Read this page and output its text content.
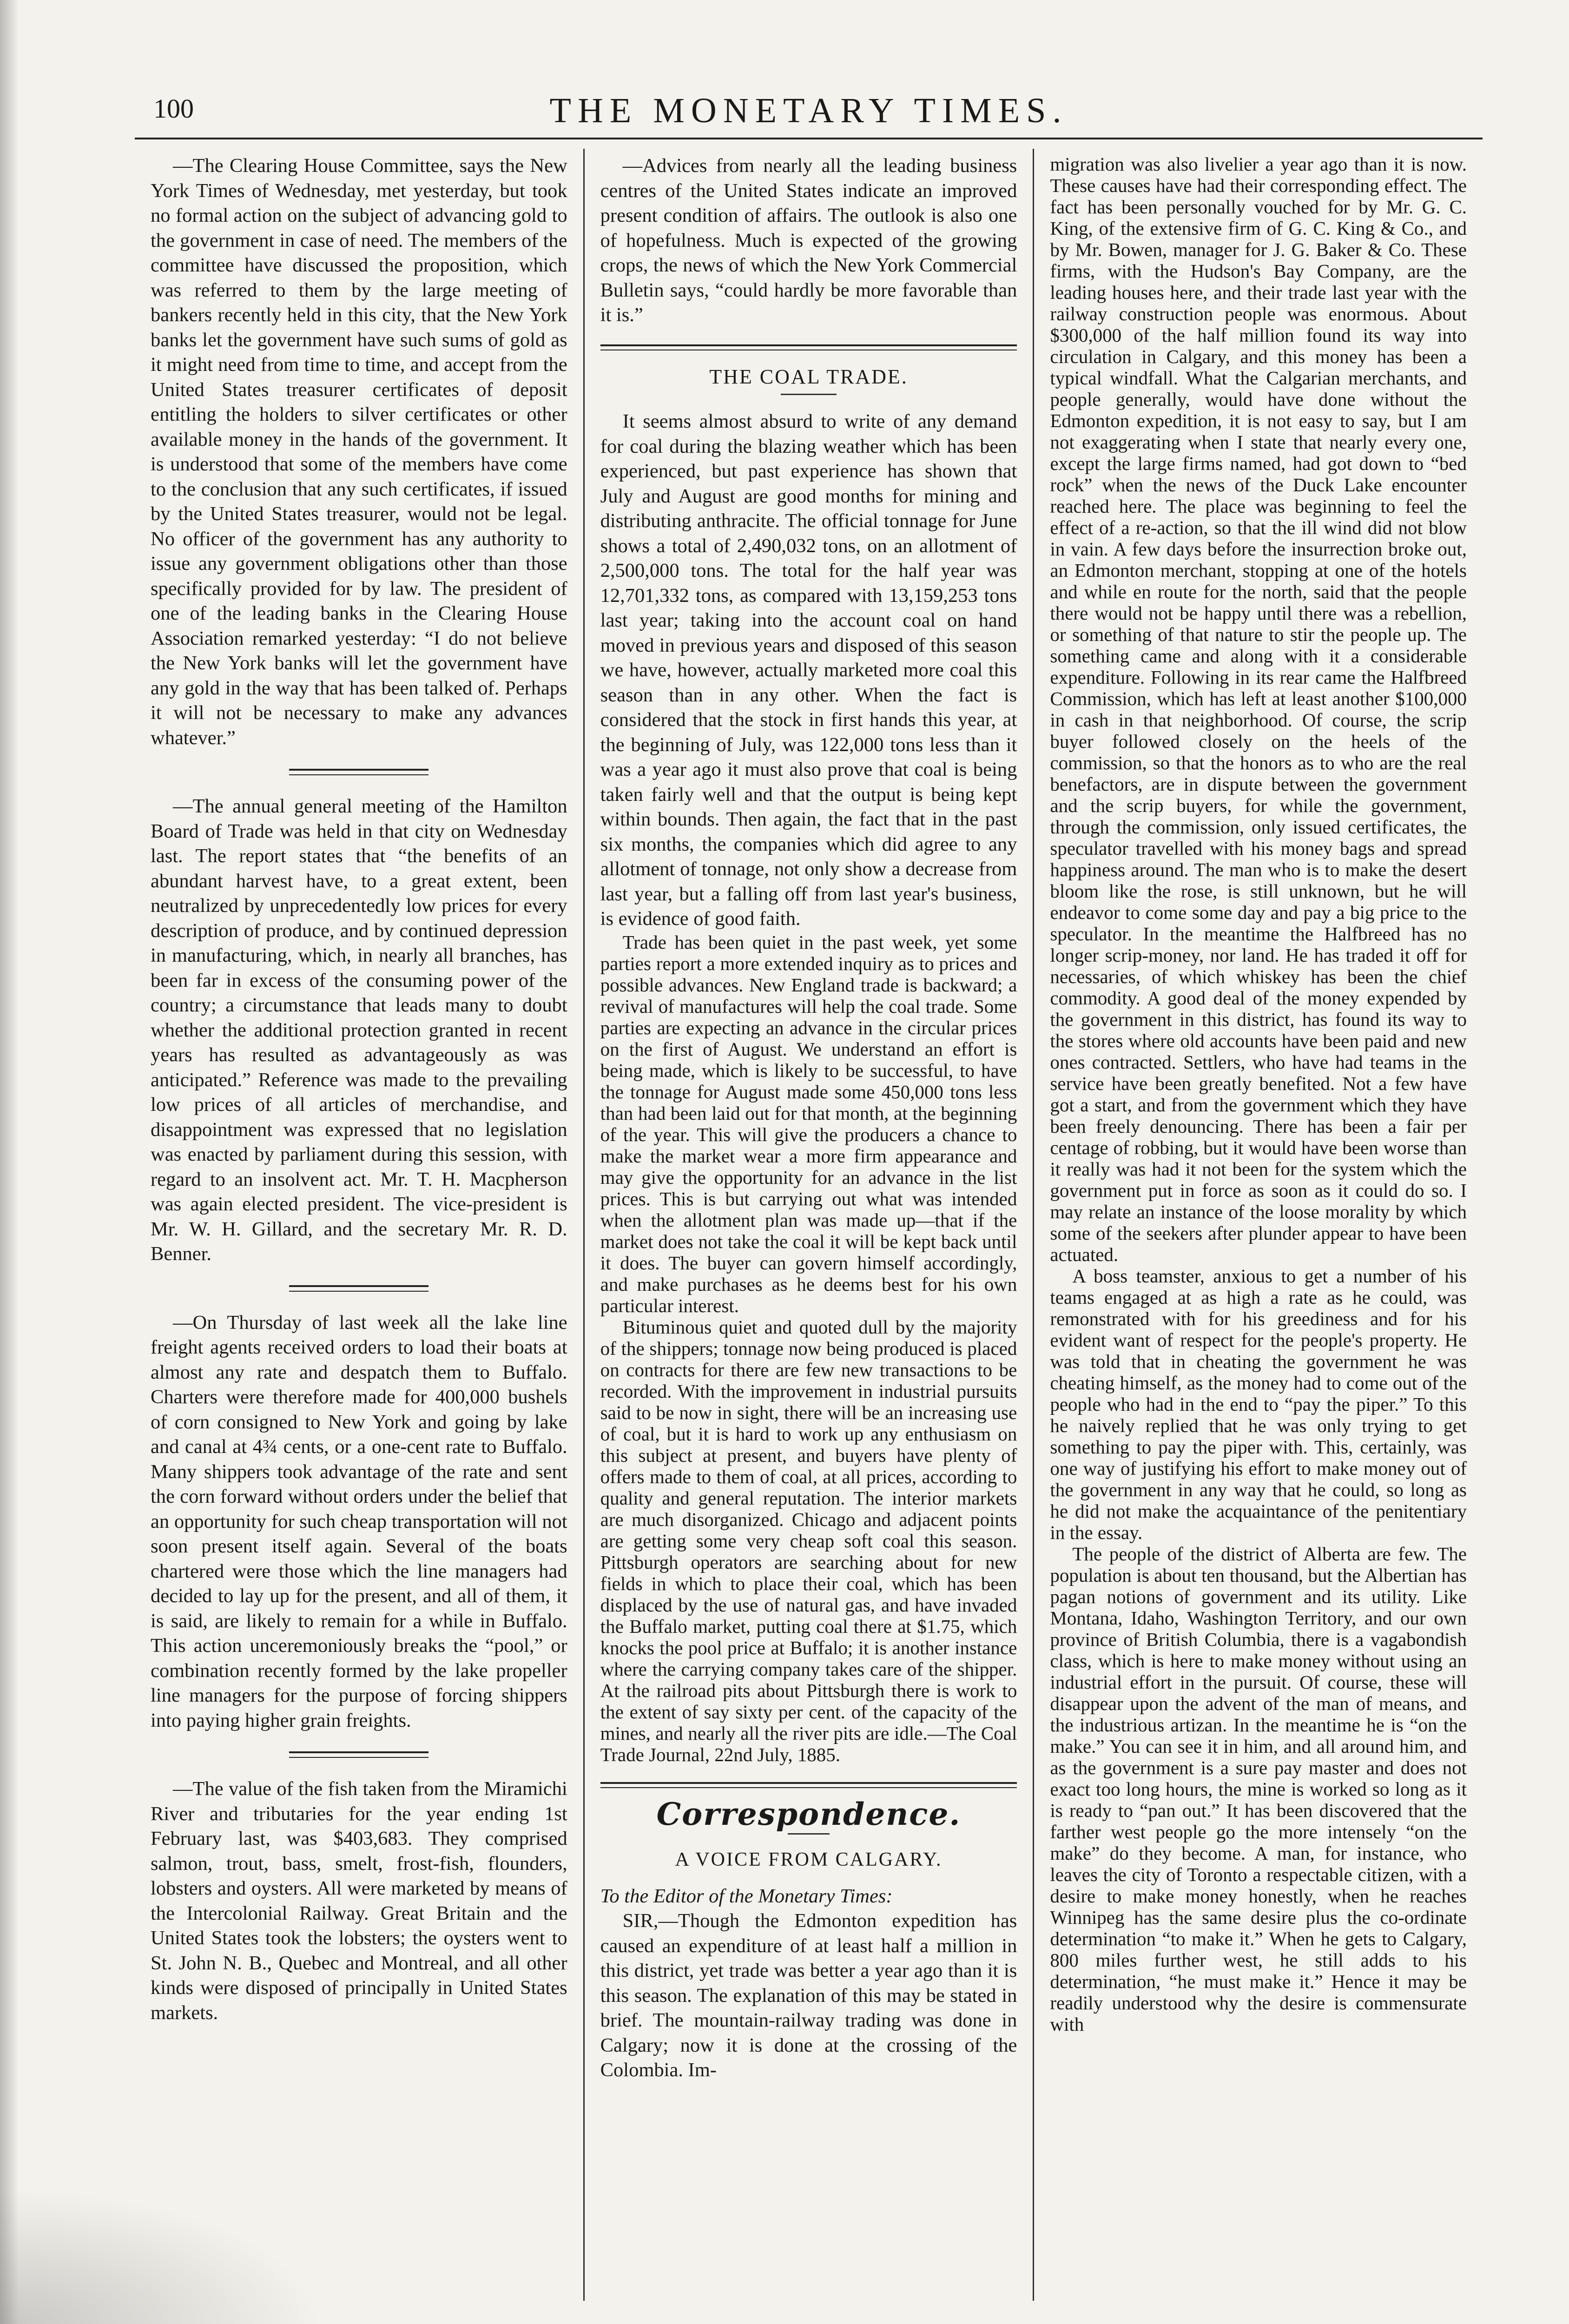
100	THE MONETARY TIMES.

—The Clearing House Committee, says the New York Times of Wednesday, met yesterday, but took no formal action on the subject of advancing gold to the government in case of need. The members of the committee have discussed the proposition, which was referred to them by the large meeting of bankers recently held in this city, that the New York banks let the government have such sums of gold as it might need from time to time, and accept from the United States treasurer certificates of deposit entitling the holders to silver certificates or other available money in the hands of the government. It is understood that some of the members have come to the conclusion that any such certificates, if issued by the United States treasurer, would not be legal. No officer of the government has any authority to issue any government obligations other than those specifically provided for by law. The president of one of the leading banks in the Clearing House Association remarked yesterday: “I do not believe the New York banks will let the government have any gold in the way that has been talked of. Perhaps it will not be necessary to make any advances whatever.”

—The annual general meeting of the Hamilton Board of Trade was held in that city on Wednesday last. The report states that “the benefits of an abundant harvest have, to a great extent, been neutralized by unprecedentedly low prices for every description of produce, and by continued depression in manufacturing, which, in nearly all branches, has been far in excess of the consuming power of the country; a circumstance that leads many to doubt whether the additional protection granted in recent years has resulted as advantageously as was anticipated.” Reference was made to the prevailing low prices of all articles of merchandise, and disappointment was expressed that no legislation was enacted by parliament during this session, with regard to an insolvent act. Mr. T. H. Macpherson was again elected president. The vice-president is Mr. W. H. Gillard, and the secretary Mr. R. D. Benner.

—On Thursday of last week all the lake line freight agents received orders to load their boats at almost any rate and despatch them to Buffalo. Charters were therefore made for 400,000 bushels of corn consigned to New York and going by lake and canal at 4¾ cents, or a one-cent rate to Buffalo. Many shippers took advantage of the rate and sent the corn forward without orders under the belief that an opportunity for such cheap transportation will not soon present itself again. Several of the boats chartered were those which the line managers had decided to lay up for the present, and all of them, it is said, are likely to remain for a while in Buffalo. This action unceremoniously breaks the “pool,” or combination recently formed by the lake propeller line managers for the purpose of forcing shippers into paying higher grain freights.

—The value of the fish taken from the Miramichi River and tributaries for the year ending 1st February last, was $403,683. They comprised salmon, trout, bass, smelt, frost-fish, flounders, lobsters and oysters. All were marketed by means of the Intercolonial Railway. Great Britain and the United States took the lobsters; the oysters went to St. John N. B., Quebec and Montreal, and all other kinds were disposed of principally in United States markets.

—Advices from nearly all the leading business centres of the United States indicate an improved present condition of affairs. The outlook is also one of hopefulness. Much is expected of the growing crops, the news of which the New York Commercial Bulletin says, “could hardly be more favorable than it is.”

THE COAL TRADE.

It seems almost absurd to write of any demand for coal during the blazing weather which has been experienced, but past experience has shown that July and August are good months for mining and distributing anthracite. The official tonnage for June shows a total of 2,490,032 tons, on an allotment of 2,500,000 tons. The total for the half year was 12,701,332 tons, as compared with 13,159,253 tons last year; taking into the account coal on hand moved in previous years and disposed of this season we have, however, actually marketed more coal this season than in any other. When the fact is considered that the stock in first hands this year, at the beginning of July, was 122,000 tons less than it was a year ago it must also prove that coal is being taken fairly well and that the output is being kept within bounds. Then again, the fact that in the past six months, the companies which did agree to any allotment of tonnage, not only show a decrease from last year, but a falling off from last year's business, is evidence of good faith.

Trade has been quiet in the past week, yet some parties report a more extended inquiry as to prices and possible advances. New England trade is backward; a revival of manufactures will help the coal trade. Some parties are expecting an advance in the circular prices on the first of August. We understand an effort is being made, which is likely to be successful, to have the tonnage for August made some 450,000 tons less than had been laid out for that month, at the beginning of the year. This will give the producers a chance to make the market wear a more firm appearance and may give the opportunity for an advance in the list prices. This is but carrying out what was intended when the allotment plan was made up—that if the market does not take the coal it will be kept back until it does. The buyer can govern himself accordingly, and make purchases as he deems best for his own particular interest.

Bituminous quiet and quoted dull by the majority of the shippers; tonnage now being produced is placed on contracts for there are few new transactions to be recorded. With the improvement in industrial pursuits said to be now in sight, there will be an increasing use of coal, but it is hard to work up any enthusiasm on this subject at present, and buyers have plenty of offers made to them of coal, at all prices, according to quality and general reputation. The interior markets are much disorganized. Chicago and adjacent points are getting some very cheap soft coal this season. Pittsburgh operators are searching about for new fields in which to place their coal, which has been displaced by the use of natural gas, and have invaded the Buffalo market, putting coal there at $1.75, which knocks the pool price at Buffalo; it is another instance where the carrying company takes care of the shipper. At the railroad pits about Pittsburgh there is work to the extent of say sixty per cent. of the capacity of the mines, and nearly all the river pits are idle.—The Coal Trade Journal, 22nd July, 1885.

Correspondence.
A VOICE FROM CALGARY.

To the Editor of the Monetary Times:

SIR,—Though the Edmonton expedition has caused an expenditure of at least half a million in this district, yet trade was better a year ago than it is this season. The explanation of this may be stated in brief. The mountain-railway trading was done in Calgary; now it is done at the crossing of the Colombia. Im-

migration was also livelier a year ago than it is now. These causes have had their corresponding effect. The fact has been personally vouched for by Mr. G. C. King, of the extensive firm of G. C. King & Co., and by Mr. Bowen, manager for J. G. Baker & Co. These firms, with the Hudson's Bay Company, are the leading houses here, and their trade last year with the railway construction people was enormous. About $300,000 of the half million found its way into circulation in Calgary, and this money has been a typical windfall. What the Calgarian merchants, and people generally, would have done without the Edmonton expedition, it is not easy to say, but I am not exaggerating when I state that nearly every one, except the large firms named, had got down to “bed rock” when the news of the Duck Lake encounter reached here. The place was beginning to feel the effect of a re-action, so that the ill wind did not blow in vain. A few days before the insurrection broke out, an Edmonton merchant, stopping at one of the hotels and while en route for the north, said that the people there would not be happy until there was a rebellion, or something of that nature to stir the people up. The something came and along with it a considerable expenditure. Following in its rear came the Halfbreed Commission, which has left at least another $100,000 in cash in that neighborhood. Of course, the scrip buyer followed closely on the heels of the commission, so that the honors as to who are the real benefactors, are in dispute between the government and the scrip buyers, for while the government, through the commission, only issued certificates, the speculator travelled with his money bags and spread happiness around. The man who is to make the desert bloom like the rose, is still unknown, but he will endeavor to come some day and pay a big price to the speculator. In the meantime the Halfbreed has no longer scrip-money, nor land. He has traded it off for necessaries, of which whiskey has been the chief commodity. A good deal of the money expended by the government in this district, has found its way to the stores where old accounts have been paid and new ones contracted. Settlers, who have had teams in the service have been greatly benefited. Not a few have got a start, and from the government which they have been freely denouncing. There has been a fair per centage of robbing, but it would have been worse than it really was had it not been for the system which the government put in force as soon as it could do so. I may relate an instance of the loose morality by which some of the seekers after plunder appear to have been actuated.

A boss teamster, anxious to get a number of his teams engaged at as high a rate as he could, was remonstrated with for his greediness and for his evident want of respect for the people's property. He was told that in cheating the government he was cheating himself, as the money had to come out of the people who had in the end to “pay the piper.” To this he naively replied that he was only trying to get something to pay the piper with. This, certainly, was one way of justifying his effort to make money out of the government in any way that he could, so long as he did not make the acquaintance of the penitentiary in the essay.

The people of the district of Alberta are few. The population is about ten thousand, but the Albertian has pagan notions of government and its utility. Like Montana, Idaho, Washington Territory, and our own province of British Columbia, there is a vagabondish class, which is here to make money without using an industrial effort in the pursuit. Of course, these will disappear upon the advent of the man of means, and the industrious artizan. In the meantime he is “on the make.” You can see it in him, and all around him, and as the government is a sure pay master and does not exact too long hours, the mine is worked so long as it is ready to “pan out.” It has been discovered that the farther west people go the more intensely “on the make” do they become. A man, for instance, who leaves the city of Toronto a respectable citizen, with a desire to make money honestly, when he reaches Winnipeg has the same desire plus the co-ordinate determination “to make it.” When he gets to Calgary, 800 miles further west, he still adds to his determination, “he must make it.” Hence it may be readily understood why the desire is commensurate with
